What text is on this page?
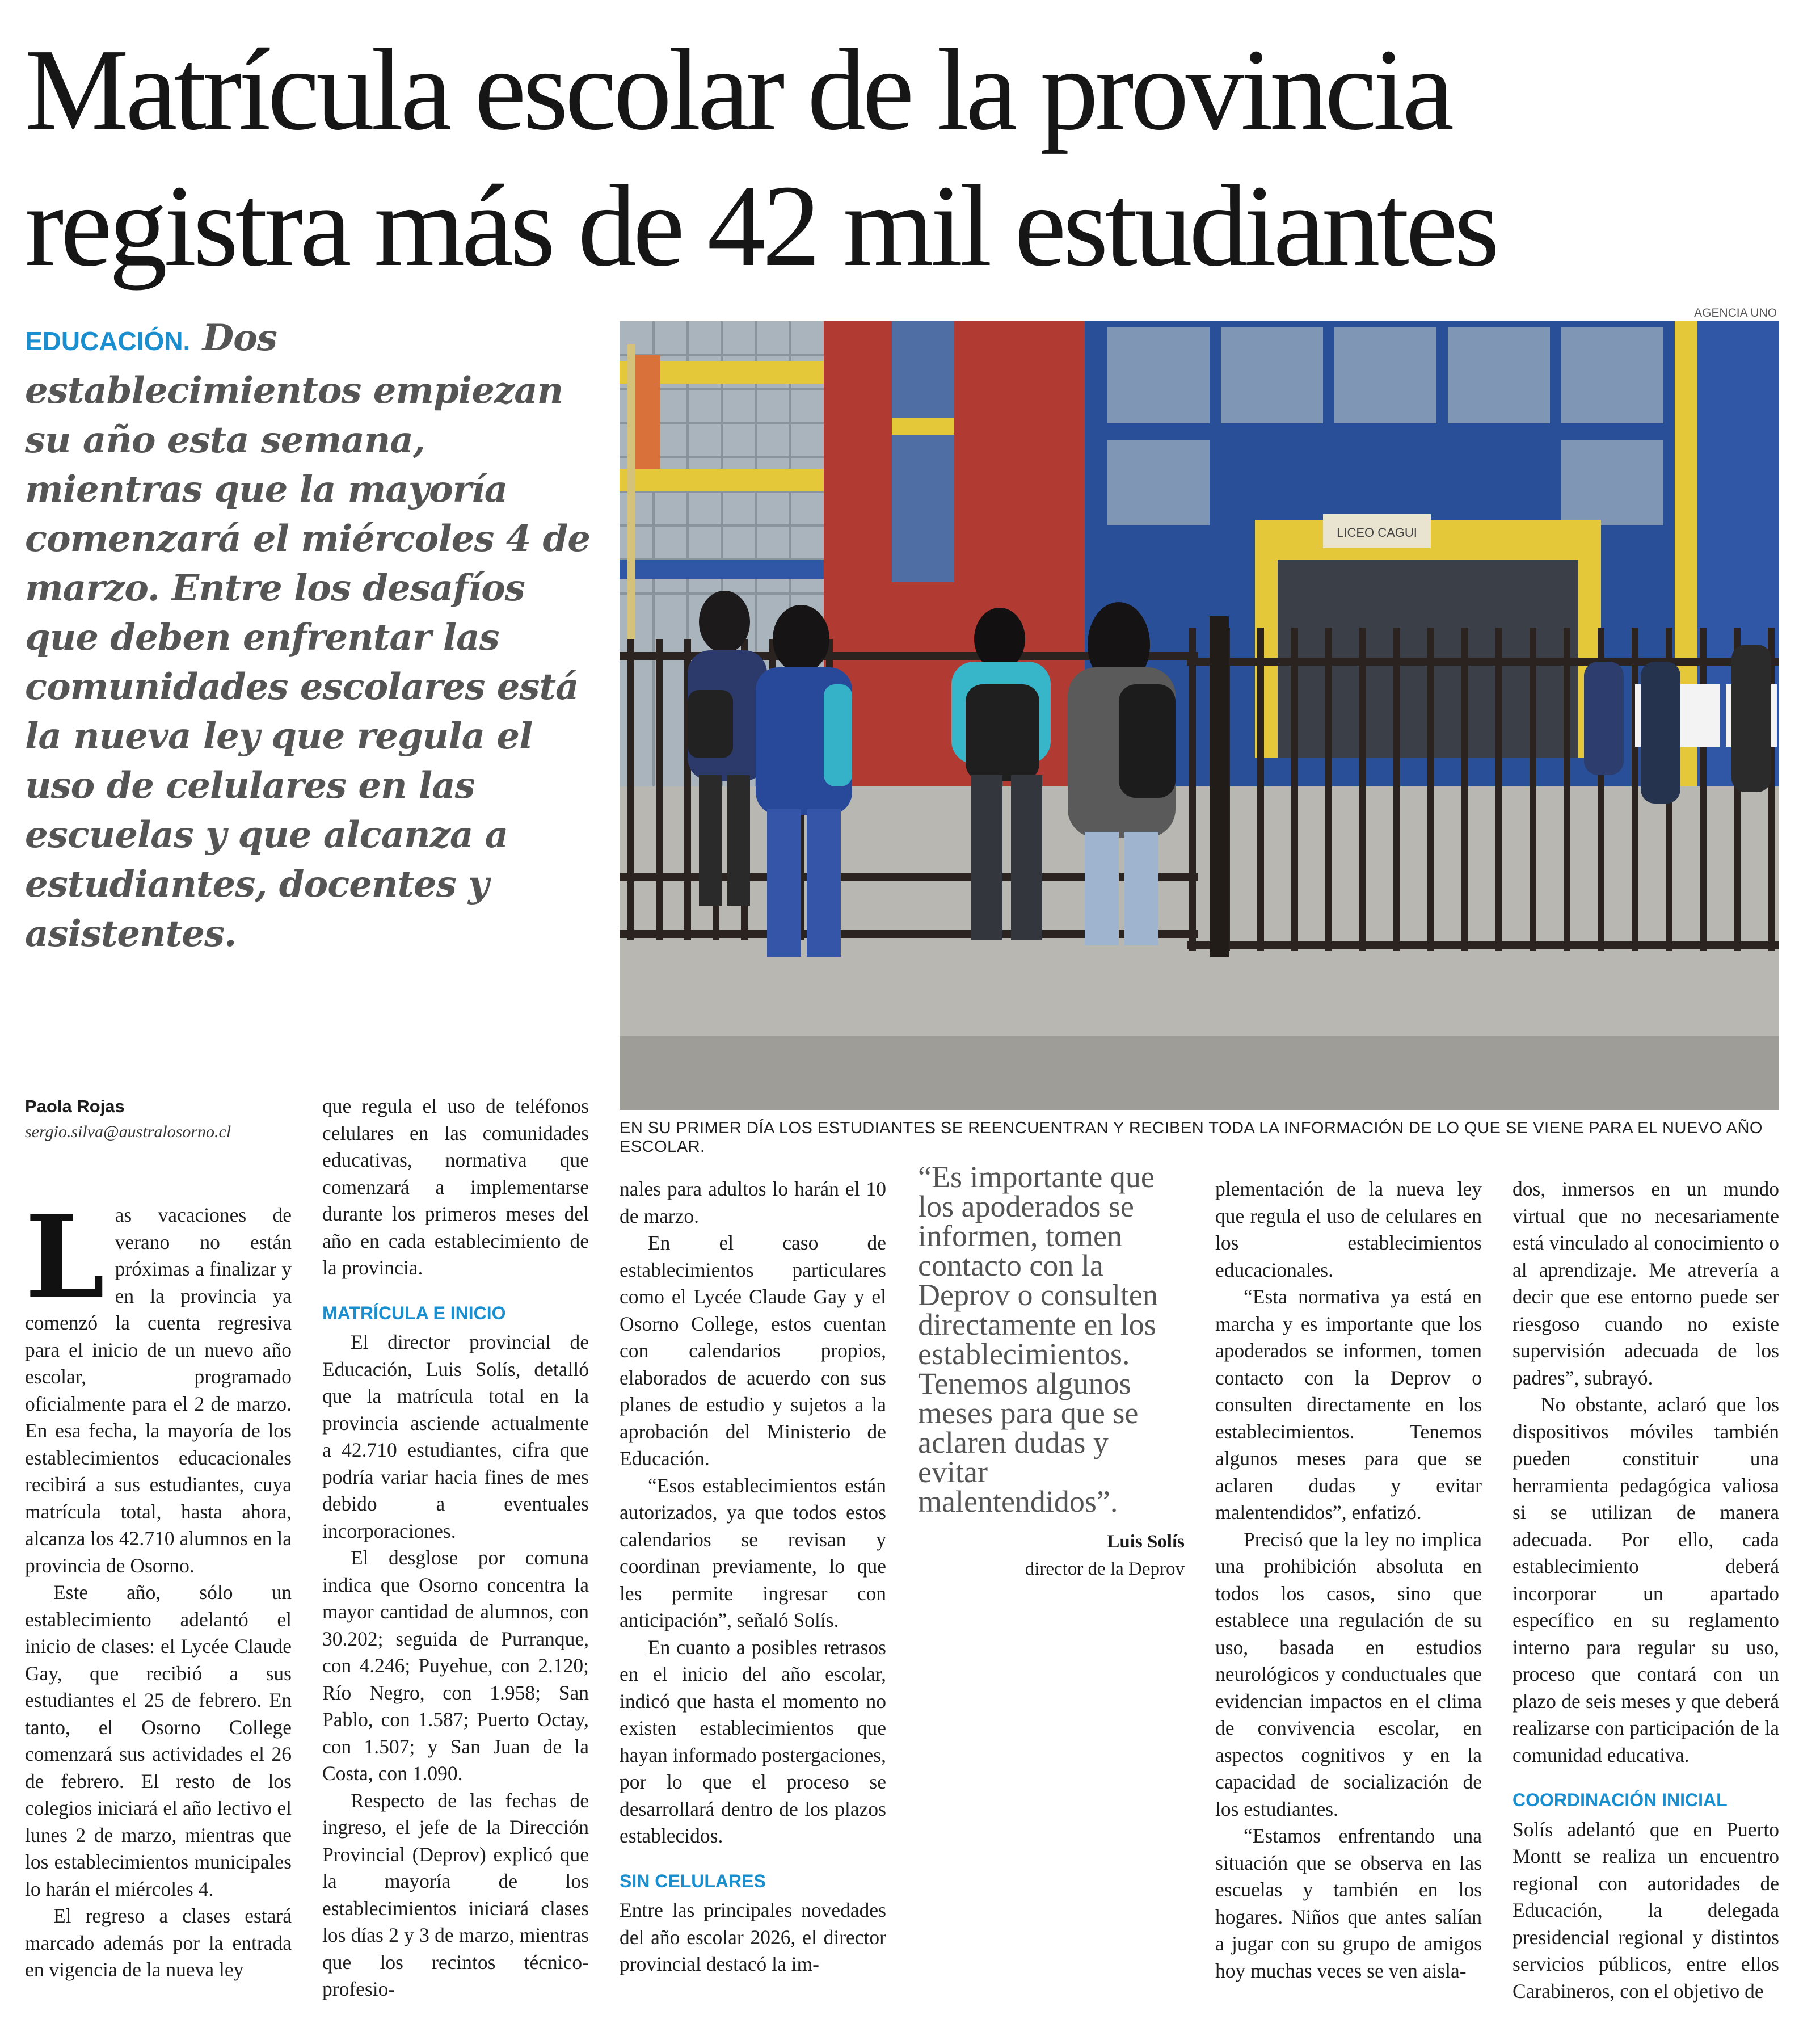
Matrícula escolar de la provincia
registra más de 42 mil estudiantes
EDUCACIÓN. Dos establecimientos empiezan su año esta semana, mientras que la mayoría comenzará el miércoles 4 de marzo. Entre los desafíos que deben enfrentar las comunidades escolares está la nueva ley que regula el uso de celulares en las escuelas y que alcanza a estudiantes, docentes y asistentes.
AGENCIA UNO
LICEO CAGUI
EN SU PRIMER DÍA LOS ESTUDIANTES SE REENCUENTRAN Y RECIBEN TODA LA INFORMACIÓN DE LO QUE SE VIENE PARA EL NUEVO AÑO ESCOLAR.
Paola Rojas
sergio.silva@australosorno.cl

Las vacaciones de verano no están próximas a finalizar y en la provincia ya comenzó la cuenta regresiva para el inicio de un nuevo año escolar, programado oficialmente para el 2 de marzo. En esa fecha, la mayoría de los establecimientos educacionales recibirá a sus estudiantes, cuya matrícula total, hasta ahora, alcanza los 42.710 alumnos en la provincia de Osorno.

Este año, sólo un establecimiento adelantó el inicio de clases: el Lycée Claude Gay, que recibió a sus estudiantes el 25 de febrero. En tanto, el Osorno College comenzará sus actividades el 26 de febrero. El resto de los colegios iniciará el año lectivo el lunes 2 de marzo, mientras que los establecimientos municipales lo harán el miércoles 4.

El regreso a clases estará marcado además por la entrada en vigencia de la nueva ley

que regula el uso de teléfonos celulares en las comunidades educativas, normativa que comenzará a implementarse durante los primeros meses del año en cada establecimiento de la provincia.

MATRÍCULA E INICIO

El director provincial de Educación, Luis Solís, detalló que la matrícula total en la provincia asciende actualmente a 42.710 estudiantes, cifra que podría variar hacia fines de mes debido a eventuales incorporaciones.

El desglose por comuna indica que Osorno concentra la mayor cantidad de alumnos, con 30.202; seguida de Purranque, con 4.246; Puyehue, con 2.120; Río Negro, con 1.958; San Pablo, con 1.587; Puerto Octay, con 1.507; y San Juan de la Costa, con 1.090.

Respecto de las fechas de ingreso, el jefe de la Dirección Provincial (Deprov) explicó que la mayoría de los establecimientos iniciará clases los días 2 y 3 de marzo, mientras que los recintos técnico-profesio-

nales para adultos lo harán el 10 de marzo.

En el caso de establecimientos particulares como el Lycée Claude Gay y el Osorno College, estos cuentan con calendarios propios, elaborados de acuerdo con sus planes de estudio y sujetos a la aprobación del Ministerio de Educación.

“Esos establecimientos están autorizados, ya que todos estos calendarios se revisan y coordinan previamente, lo que les permite ingresar con anticipación”, señaló Solís.

En cuanto a posibles retrasos en el inicio del año escolar, indicó que hasta el momento no existen establecimientos que hayan informado postergaciones, por lo que el proceso se desarrollará dentro de los plazos establecidos.

SIN CELULARES

Entre las principales novedades del año escolar 2026, el director provincial destacó la im-

“Es importante que los apoderados se informen, tomen contacto con la Deprov o consulten directamente en los establecimientos. Tenemos algunos meses para que se aclaren dudas y evitar malentendidos”.
Luis Solís
director de la Deprov

plementación de la nueva ley que regula el uso de celulares en los establecimientos educacionales.

“Esta normativa ya está en marcha y es importante que los apoderados se informen, tomen contacto con la Deprov o consulten directamente en los establecimientos. Tenemos algunos meses para que se aclaren dudas y evitar malentendidos”, enfatizó.

Precisó que la ley no implica una prohibición absoluta en todos los casos, sino que establece una regulación de su uso, basada en estudios neurológicos y conductuales que evidencian impactos en el clima de convivencia escolar, en aspectos cognitivos y en la capacidad de socialización de los estudiantes.

“Estamos enfrentando una situación que se observa en las escuelas y también en los hogares. Niños que antes salían a jugar con su grupo de amigos hoy muchas veces se ven aisla-

dos, inmersos en un mundo virtual que no necesariamente está vinculado al conocimiento o al aprendizaje. Me atrevería a decir que ese entorno puede ser riesgoso cuando no existe supervisión adecuada de los padres”, subrayó.

No obstante, aclaró que los dispositivos móviles también pueden constituir una herramienta pedagógica valiosa si se utilizan de manera adecuada. Por ello, cada establecimiento deberá incorporar un apartado específico en su reglamento interno para regular su uso, proceso que contará con un plazo de seis meses y que deberá realizarse con participación de la comunidad educativa.

COORDINACIÓN INICIAL

Solís adelantó que en Puerto Montt se realiza un encuentro regional con autoridades de Educación, la delegada presidencial regional y distintos servicios públicos, entre ellos Carabineros, con el objetivo de
